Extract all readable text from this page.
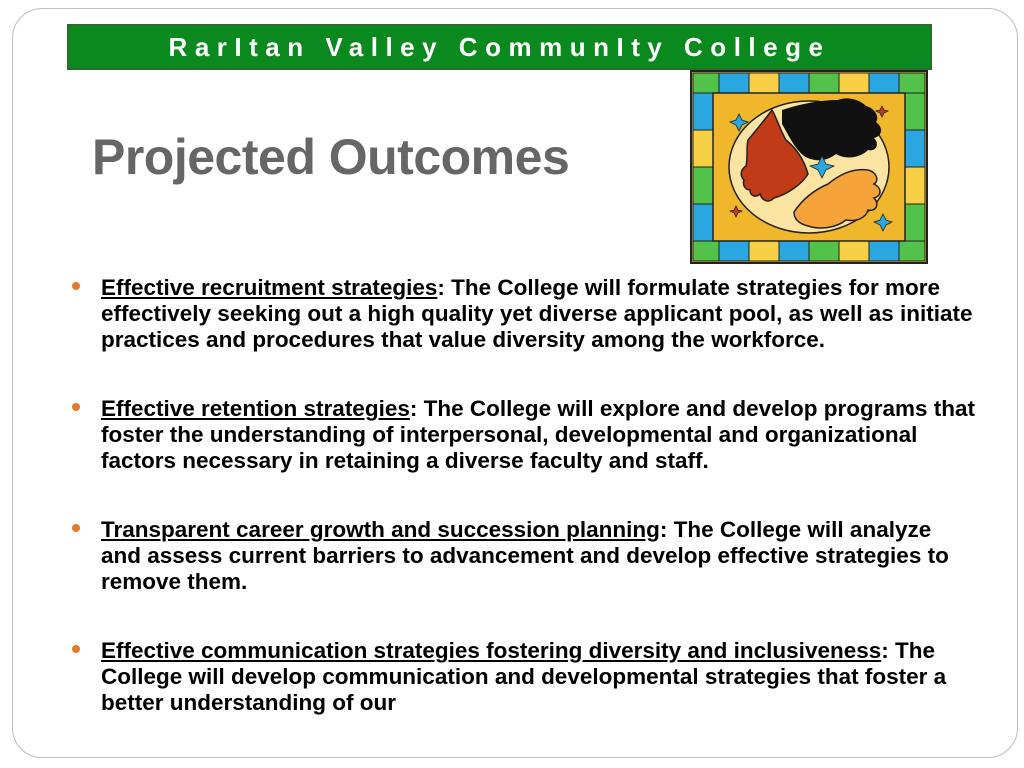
RarItan Valley CommunIty College
Projected Outcomes
Effective recruitment strategies: The College will formulate strategies for more effectively seeking out a high quality yet diverse applicant pool, as well as initiate practices and procedures that value diversity among the workforce.
Effective retention strategies: The College will explore and develop programs that foster the understanding of interpersonal, developmental and organizational factors necessary in retaining a diverse faculty and staff.
Transparent career growth and succession planning: The College will analyze and assess current barriers to advancement and develop effective strategies to remove them.
Effective communication strategies fostering diversity and inclusiveness: The College will develop communication and developmental strategies that foster a better understanding of our
